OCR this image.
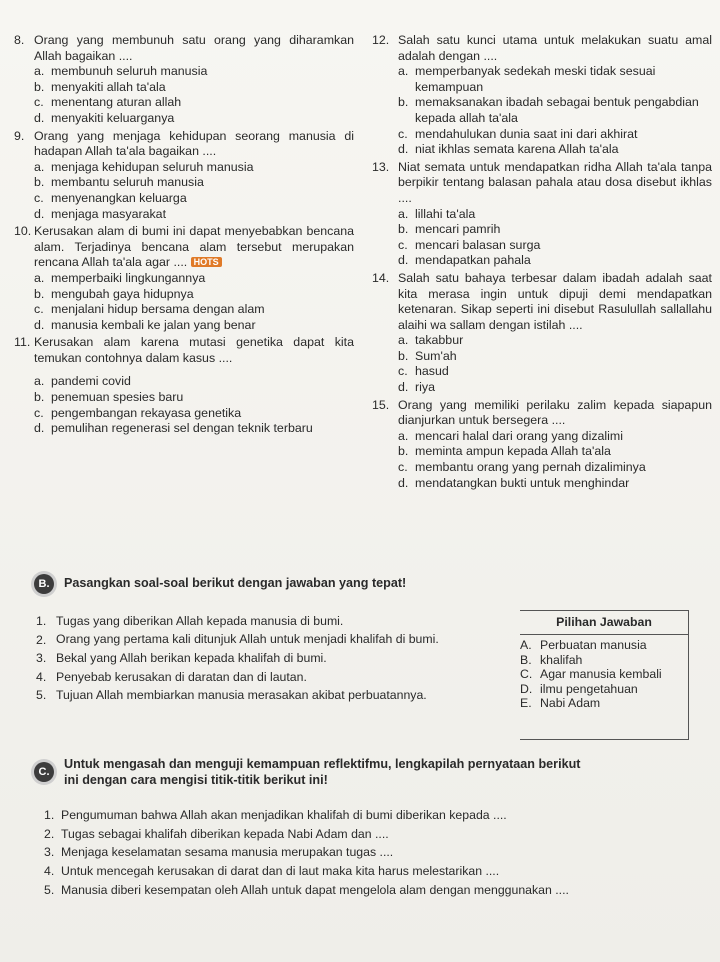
8. Orang yang membunuh satu orang yang diharamkan Allah bagaikan ....
a. membunuh seluruh manusia
b. menyakiti allah ta'ala
c. menentang aturan allah
d. menyakiti keluarganya
9. Orang yang menjaga kehidupan seorang manusia di hadapan Allah ta'ala bagaikan ....
a. menjaga kehidupan seluruh manusia
b. membantu seluruh manusia
c. menyenangkan keluarga
d. menjaga masyarakat
10. Kerusakan alam di bumi ini dapat menyebabkan bencana alam. Terjadinya bencana alam tersebut merupakan rencana Allah ta'ala agar .... HOTS
a. memperbaiki lingkungannya
b. mengubah gaya hidupnya
c. menjalani hidup bersama dengan alam
d. manusia kembali ke jalan yang benar
11. Kerusakan alam karena mutasi genetika dapat kita temukan contohnya dalam kasus ....
a. pandemi covid
b. penemuan spesies baru
c. pengembangan rekayasa genetika
d. pemulihan regenerasi sel dengan teknik terbaru
12. Salah satu kunci utama untuk melakukan suatu amal adalah dengan ....
a. memperbanyak sedekah meski tidak sesuai kemampuan
b. memaksanakan ibadah sebagai bentuk pengabdian kepada allah ta'ala
c. mendahulukan dunia saat ini dari akhirat
d. niat ikhlas semata karena Allah ta'ala
13. Niat semata untuk mendapatkan ridha Allah ta'ala tanpa berpikir tentang balasan pahala atau dosa disebut ikhlas ....
a. lillahi ta'ala
b. mencari pamrih
c. mencari balasan surga
d. mendapatkan pahala
14. Salah satu bahaya terbesar dalam ibadah adalah saat kita merasa ingin untuk dipuji demi mendapatkan ketenaran. Sikap seperti ini disebut Rasulullah sallallahu alaihi wa sallam dengan istilah ....
a. takabbur
b. Sum'ah
c. hasud
d. riya
15. Orang yang memiliki perilaku zalim kepada siapapun dianjurkan untuk bersegera ....
a. mencari halal dari orang yang dizalimi
b. meminta ampun kepada Allah ta'ala
c. membantu orang yang pernah dizaliminya
d. mendatangkan bukti untuk menghindar
B.	Pasangkan soal-soal berikut dengan jawaban yang tepat!
1. Tugas yang diberikan Allah kepada manusia di bumi.
2. Orang yang pertama kali ditunjuk Allah untuk menjadi khalifah di bumi.
3. Bekal yang Allah berikan kepada khalifah di bumi.
4. Penyebab kerusakan di daratan dan di lautan.
5. Tujuan Allah membiarkan manusia merasakan akibat perbuatannya.
Pilihan Jawaban
A. Perbuatan manusia
B. khalifah
C. Agar manusia kembali
D. ilmu pengetahuan
E. Nabi Adam
C.
Untuk mengasah dan menguji kemampuan reflektifmu, lengkapilah pernyataan berikut
ini dengan cara mengisi titik-titik berikut ini!
1. Pengumuman bahwa Allah akan menjadikan khalifah di bumi diberikan kepada ....
2. Tugas sebagai khalifah diberikan kepada Nabi Adam dan ....
3. Menjaga keselamatan sesama manusia merupakan tugas ....
4. Untuk mencegah kerusakan di darat dan di laut maka kita harus melestarikan ....
5. Manusia diberi kesempatan oleh Allah untuk dapat mengelola alam dengan menggunakan ....
